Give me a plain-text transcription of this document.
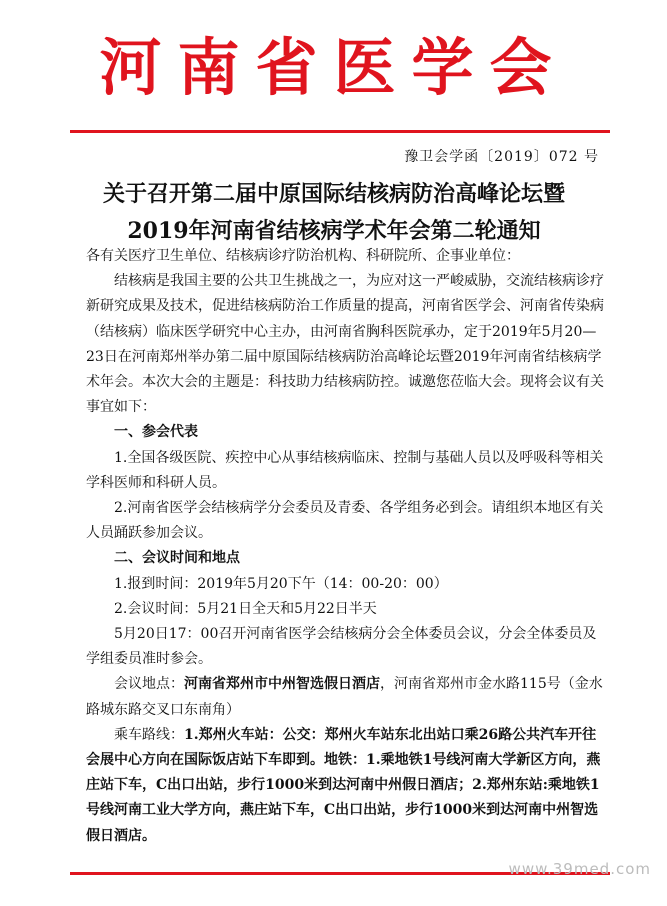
河南省医学会
豫卫会学函〔2019〕072 号
关于召开第二届中原国际结核病防治高峰论坛暨
2019年河南省结核病学术年会第二轮通知

各有关医疗卫生单位、结核病诊疗防治机构、科研院所、企事业单位：

结核病是我国主要的公共卫生挑战之一，为应对这一严峻威胁，交流结核病诊疗新研究成果及技术，促进结核病防治工作质量的提高，河南省医学会、河南省传染病（结核病）临床医学研究中心主办，由河南省胸科医院承办，定于2019年5月20—23日在河南郑州举办第二届中原国际结核病防治高峰论坛暨2019年河南省结核病学术年会。本次大会的主题是：科技助力结核病防控。诚邀您莅临大会。现将会议有关事宜如下：

一、参会代表

1.全国各级医院、疾控中心从事结核病临床、控制与基础人员以及呼吸科等相关学科医师和科研人员。

2.河南省医学会结核病学分会委员及青委、各学组务必到会。请组织本地区有关人员踊跃参加会议。

二、会议时间和地点

1.报到时间：2019年5月20下午（14：00-20：00）

2.会议时间：5月21日全天和5月22日半天

5月20日17：00召开河南省医学会结核病分会全体委员会议，分会全体委员及学组委员准时参会。

会议地点：河南省郑州市中州智选假日酒店，河南省郑州市金水路115号（金水路城东路交叉口东南角）

乘车路线：1.郑州火车站：公交：郑州火车站东北出站口乘26路公共汽车开往会展中心方向在国际饭店站下车即到。地铁：1.乘地铁1号线河南大学新区方向，燕庄站下车，C出口出站，步行1000米到达河南中州假日酒店；2.郑州东站:乘地铁1号线河南工业大学方向，燕庄站下车，C出口出站，步行1000米到达河南中州智选假日酒店。

www.39med.com
